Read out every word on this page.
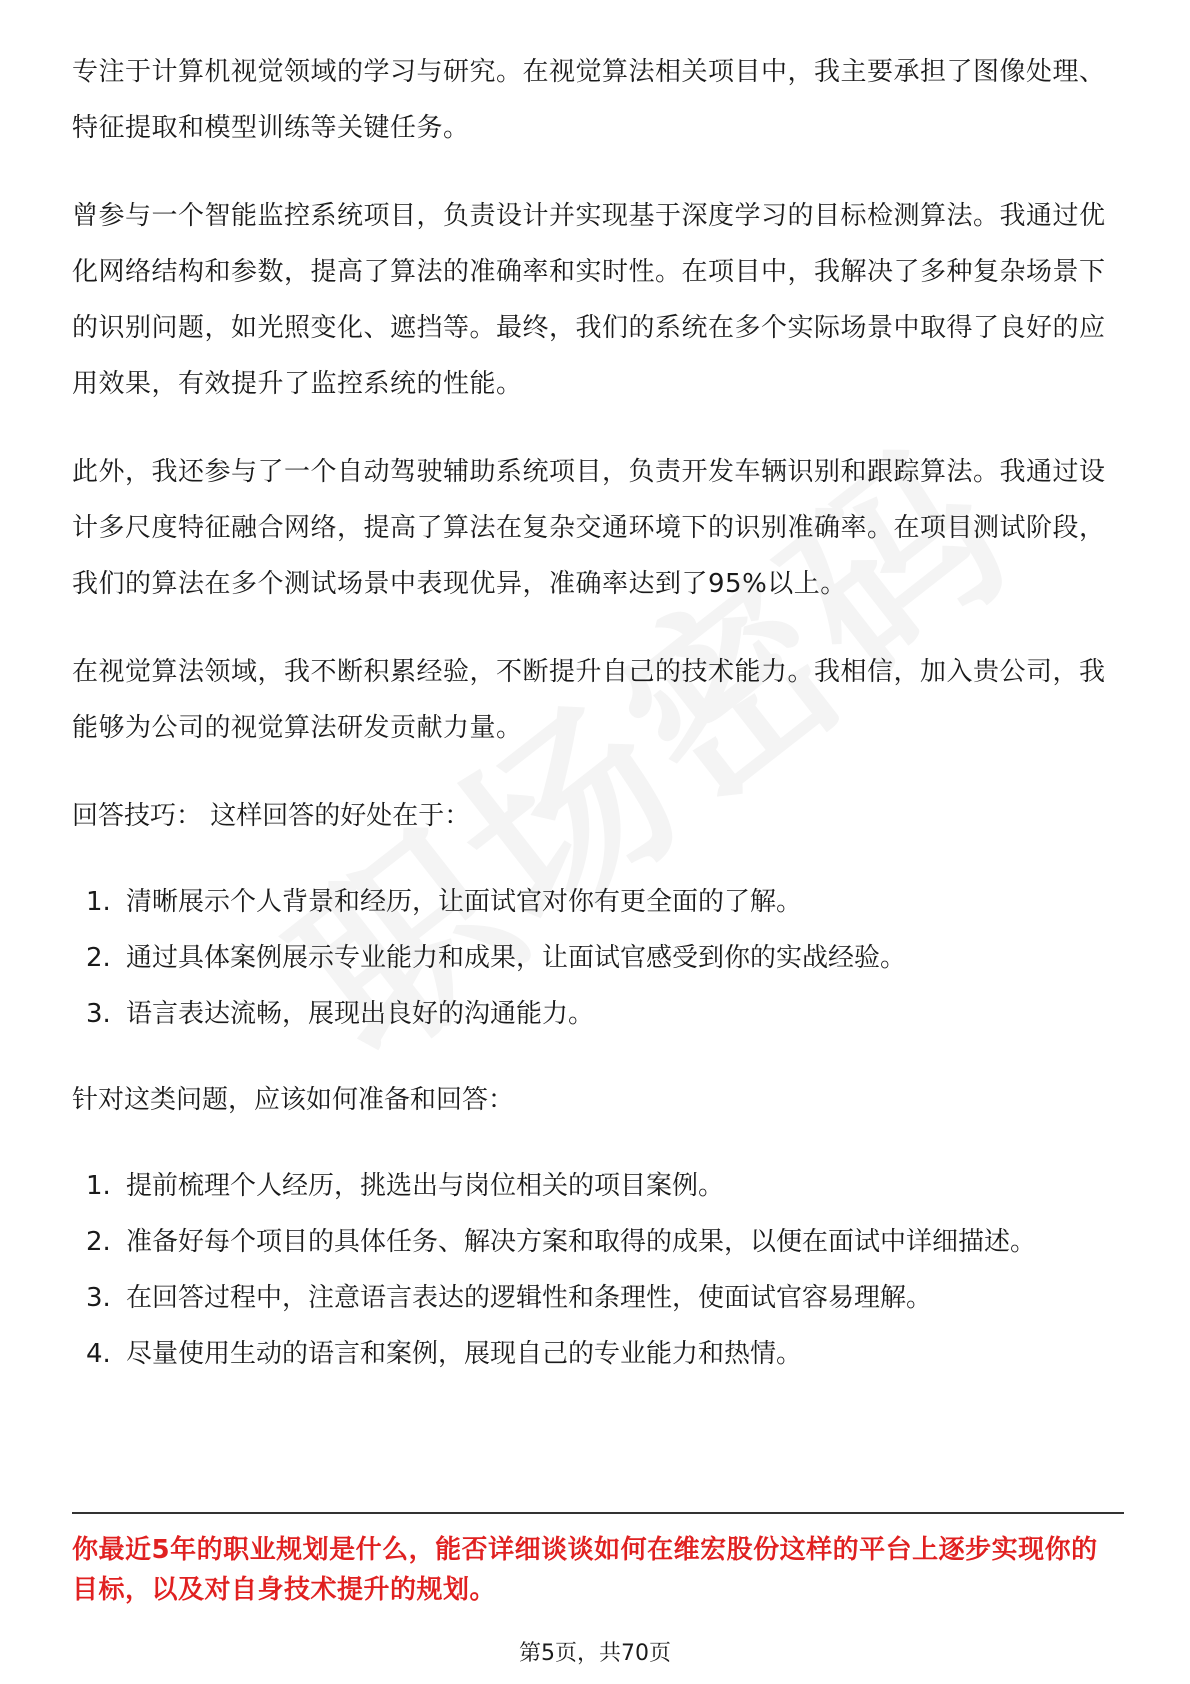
专注于计算机视觉领域的学习与研究。在视觉算法相关项目中，我主要承担了图像处理、特征提取和模型训练等关键任务。

曾参与一个智能监控系统项目，负责设计并实现基于深度学习的目标检测算法。我通过优化网络结构和参数，提高了算法的准确率和实时性。在项目中，我解决了多种复杂场景下的识别问题，如光照变化、遮挡等。最终，我们的系统在多个实际场景中取得了良好的应用效果，有效提升了监控系统的性能。

此外，我还参与了一个自动驾驶辅助系统项目，负责开发车辆识别和跟踪算法。我通过设计多尺度特征融合网络，提高了算法在复杂交通环境下的识别准确率。在项目测试阶段，我们的算法在多个测试场景中表现优异，准确率达到了95%以上。

在视觉算法领域，我不断积累经验，不断提升自己的技术能力。我相信，加入贵公司，我能够为公司的视觉算法研发贡献力量。

回答技巧： 这样回答的好处在于：

1. 清晰展示个人背景和经历，让面试官对你有更全面的了解。
2. 通过具体案例展示专业能力和成果，让面试官感受到你的实战经验。
3. 语言表达流畅，展现出良好的沟通能力。

针对这类问题，应该如何准备和回答：

1. 提前梳理个人经历，挑选出与岗位相关的项目案例。
2. 准备好每个项目的具体任务、解决方案和取得的成果，以便在面试中详细描述。
3. 在回答过程中，注意语言表达的逻辑性和条理性，使面试官容易理解。
4. 尽量使用生动的语言和案例，展现自己的专业能力和热情。

你最近5年的职业规划是什么，能否详细谈谈如何在维宏股份这样的平台上逐步实现你的目标，以及对自身技术提升的规划。

第5页，共70页
